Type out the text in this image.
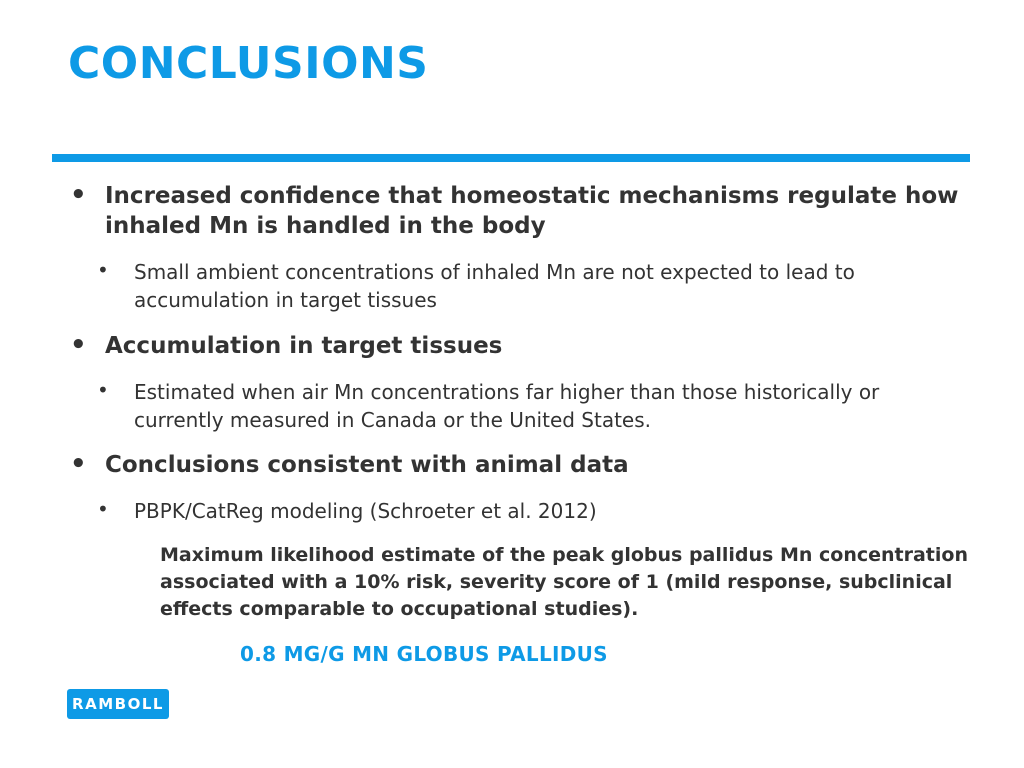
CONCLUSIONS
• Increased confidence that homeostatic mechanisms regulate how inhaled Mn is handled in the body
• Small ambient concentrations of inhaled Mn are not expected to lead to accumulation in target tissues
• Accumulation in target tissues
• Estimated when air Mn concentrations far higher than those historically or currently measured in Canada or the United States.
• Conclusions consistent with animal data
• PBPK/CatReg modeling (Schroeter et al. 2012)
Maximum likelihood estimate of the peak globus pallidus Mn concentration associated with a 10% risk, severity score of 1 (mild response, subclinical effects comparable to occupational studies).
0.8 MG/G MN GLOBUS PALLIDUS
RAMBOLL
